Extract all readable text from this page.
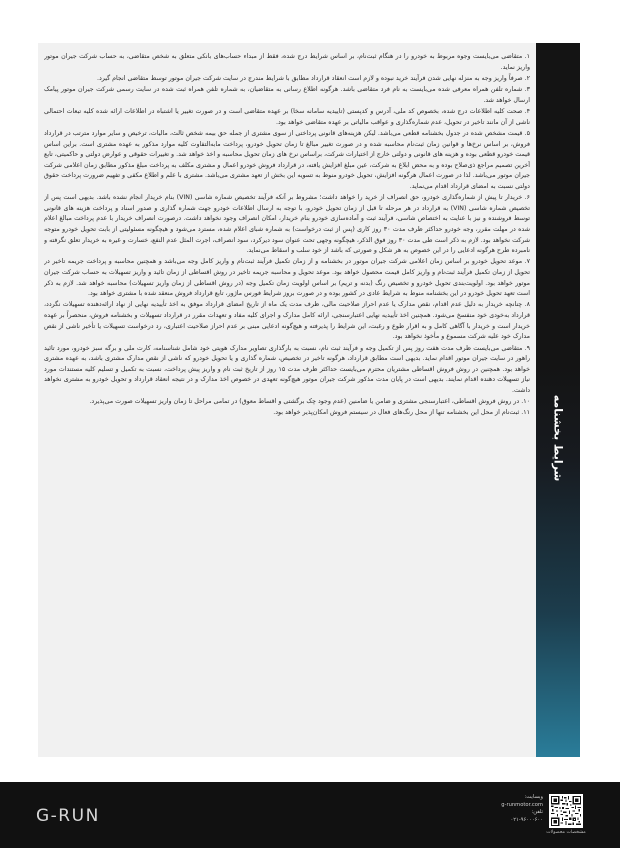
۱. متقاضی می‌بایست وجوه مربوط به خودرو را در هنگام ثبت‌نام، بر اساس شرایط درج شده، فقط از مبداء حساب‌های بانکی متعلق به شخص متقاضی، به حساب شرکت جیران موتور واریز نماید.

۲. صرفاً واریز وجه به منزله نهایی شدن فرآیند خرید نبوده و لازم است انعقاد قرارداد مطابق با شرایط مندرج در سایت شرکت جیران موتور توسط متقاضی انجام گیرد.

۳. شماره تلفن همراه معرفی شده می‌بایست به نام فرد متقاضی باشد. هرگونه اطلاع رسانی به متقاضیان، به شماره تلفن همراه ثبت شده در سایت رسمی شرکت جیران موتور پیامک ارسال خواهد شد.

۴. صحت کلیه اطلاعات درج شده، بخصوص کد ملی، آدرس و کدپستی (تاییدیه سامانه سخا) بر عهده متقاضی است و در صورت تغییر یا اشتباه در اطلاعات ارائه شده کلیه تبعات احتمالی ناشی از آن مانند تاخیر در تحویل، عدم شماره‌گذاری و عواقب مالیاتی بر عهده متقاضی خواهد بود.

۵. قیمت مشخص شده در جدول بخشنامه قطعی می‌باشد. لیکن هزینه‌های قانونی پرداختی از سوی مشتری از جمله حق بیمه شخص ثالث، مالیات، ترخیص و سایر موارد مترتب در قرارداد فروش، بر اساس نرخ‌ها و قوانین زمان ثبت‌نام محاسبه شده و در صورت تغییر مبالغ تا زمان تحویل خودرو، پرداخت مابه‌التفاوت کلیه موارد مذکور به عهده مشتری است. براین اساس قیمت خودرو قطعی بوده و هزینه های قانونی و دولتی خارج از اختیارات شرکت، براساس نرخ های زمان تحویل محاسبه و اخذ خواهد شد. و تغییرات حقوقی و عوارض دولتی و حاکمیتی، تابع آخرین تصمیم مراجع ذی‌صلاح بوده و به محض ابلاغ به شرکت، عین مبلغ افزایش یافته، در قرارداد فروش خودرو اعمال و مشتری مکلف به پرداخت مبلغ مذکور مطابق زمان اعلامی شرکت جیران موتور می‌باشد. لذا در صورت اعمال هرگونه افزایش، تحویل خودرو منوط به تسویه این بخش از تعهد مشتری می‌باشد. مشتری با علم و اطلاع مکفی و تفهیم ضرورت پرداخت حقوق دولتی نسبت به امضای قرارداد اقدام می‌نماید.

۶. خریدار تا پیش از شماره‌گذاری خودرو، حق انصراف از خرید را خواهد داشت؛ مشروط بر آنکه فرآیند تخصیص شماره شاسی (VIN) بنام خریدار انجام نشده باشد. بدیهی است پس از تخصیص شماره شاسی (VIN) به قرارداد در هر مرحله تا قبل از زمان تحویل خودرو، با توجه به ارسال اطلاعات خودرو جهت شماره گذاری و صدور اسناد و پرداخت هزینه های قانونی توسط فروشنده و نیز با عنایت به اختصاص شاسی، فرآیند ثبت و آماده‌سازی خودرو بنام خریدار، امکان انصراف وجود نخواهد داشت. درصورت انصراف خریدار با عدم پرداخت مبالغ اعلام شده در مهلت مقرر، وجه خودرو حداکثر ظرف مدت ۳۰ روز کاری (پس از ثبت درخواست) به شماره شبای اعلام شده، مسترد می‌شود و هیچگونه مسئولیتی از بابت تحویل خودرو متوجه شرکت نخواهد بود. لازم به ذکر است طی مدت ۳۰ روز فوق الذکر، هیچگونه وجهی تحت عنوان سود دیرکرد، سود انصراف، اجرت المثل عدم النفع، خسارت و غیره به خریدار تعلق نگرفته و نامبرده طرح هرگونه ادعایی را در این خصوص به هر شکل و صورتی که باشد از خود سلب و اسقاط می‌نماید.

۷. موعد تحویل خودرو بر اساس زمان اعلامی شرکت جیران موتور در بخشنامه و از زمان تکمیل فرآیند ثبت‌نام و واریز کامل وجه می‌باشد و همچنین محاسبه و پرداخت جریمه تاخیر در تحویل از زمان تکمیل فرآیند ثبت‌نام و واریز کامل قیمت محصول خواهد بود. موعد تحویل و محاسبه جریمه تاخیر در روش اقساطی از زمان تائید و واریز تسهیلات به حساب شرکت جیران موتور خواهد بود. اولویت‌بندی تحویل خودرو و تخصیص رنگ (بدنه و تریم) بر اساس اولویت زمان تکمیل وجه (در روش اقساطی از زمان واریز تسهیلات) محاسبه خواهد شد. لازم به ذکر است تعهد تحویل خودرو در این بخشنامه منوط به شرایط عادی در کشور بوده و در صورت بروز شرایط فورس ماژور، تابع قرارداد فروش منعقد شده با مشتری خواهد بود.

۸. چنانچه خریدار به دلیل عدم اقدام، نقص مدارک یا عدم احراز صلاحیت مالی، ظرف مدت یک ماه از تاریخ امضای قرارداد موفق به اخذ تأییدیه نهایی از نهاد ارائه‌دهنده تسهیلات نگردد، قرارداد به‌خودی خود منفسخ می‌شود. همچنین اخذ تأییدیه نهایی اعتبارسنجی، ارائه کامل مدارک و اجرای کلیه مفاد و تعهدات مقرر در قرارداد تسهیلات و بخشنامه فروش، منحصراً بر عهده خریدار است و خریدار با آگاهی کامل و به اقرار طوع و رغبت، این شرایط را پذیرفته و هیچ‌گونه ادعایی مبنی بر عدم احراز صلاحیت اعتباری، رد درخواست تسهیلات یا تأخیر ناشی از نقص مدارک خود علیه شرکت مسموع و مأخوذ نخواهد بود.

۹. متقاضی می‌بایست ظرف مدت هفت روز پس از تکمیل وجه و فرآیند ثبت نام، نسبت به بارگذاری تصاویر مدارک هویتی خود شامل شناسنامه، کارت ملی و برگه سبز خودرو، مورد تائید راهور در سایت جیران موتور اقدام نماید. بدیهی است مطابق قرارداد، هرگونه تاخیر در تخصیص، شماره گذاری و یا تحویل خودرو که ناشی از نقص مدارک مشتری باشد، به عهده مشتری خواهد بود. همچنین در روش فروش اقساطی مشتریان محترم می‌بایست حداکثر ظرف مدت ۱۵ روز از تاریخ ثبت نام و واریز پیش پرداخت، نسبت به تکمیل و تسلیم کلیه مستندات مورد نیاز تسهیلات دهنده اقدام نمایند. بدیهی است در پایان مدت مذکور شرکت جیران موتور هیچ‌گونه تعهدی در خصوص اخذ مدارک و در نتیجه انعقاد قرارداد و تحویل خودرو به مشتری نخواهد داشت.

۱۰. در روش فروش اقساطی، اعتبارسنجی مشتری و ضامن یا ضامنین (عدم وجود چک برگشتی و اقساط معوق) در تمامی مراحل تا زمان واریز تسهیلات صورت می‌پذیرد.

۱۱. ثبت‌نام از محل این بخشنامه تنها از محل رنگ‌های فعال در سیستم فروش امکان‌پذیر خواهد بود. شرایط بخشنامه
G-RUN
وبسایت:
g-runmotor.com
تلفن:
۰۲۱-۹۶۰۰۰۶۰۰
مشخصات محصولات
